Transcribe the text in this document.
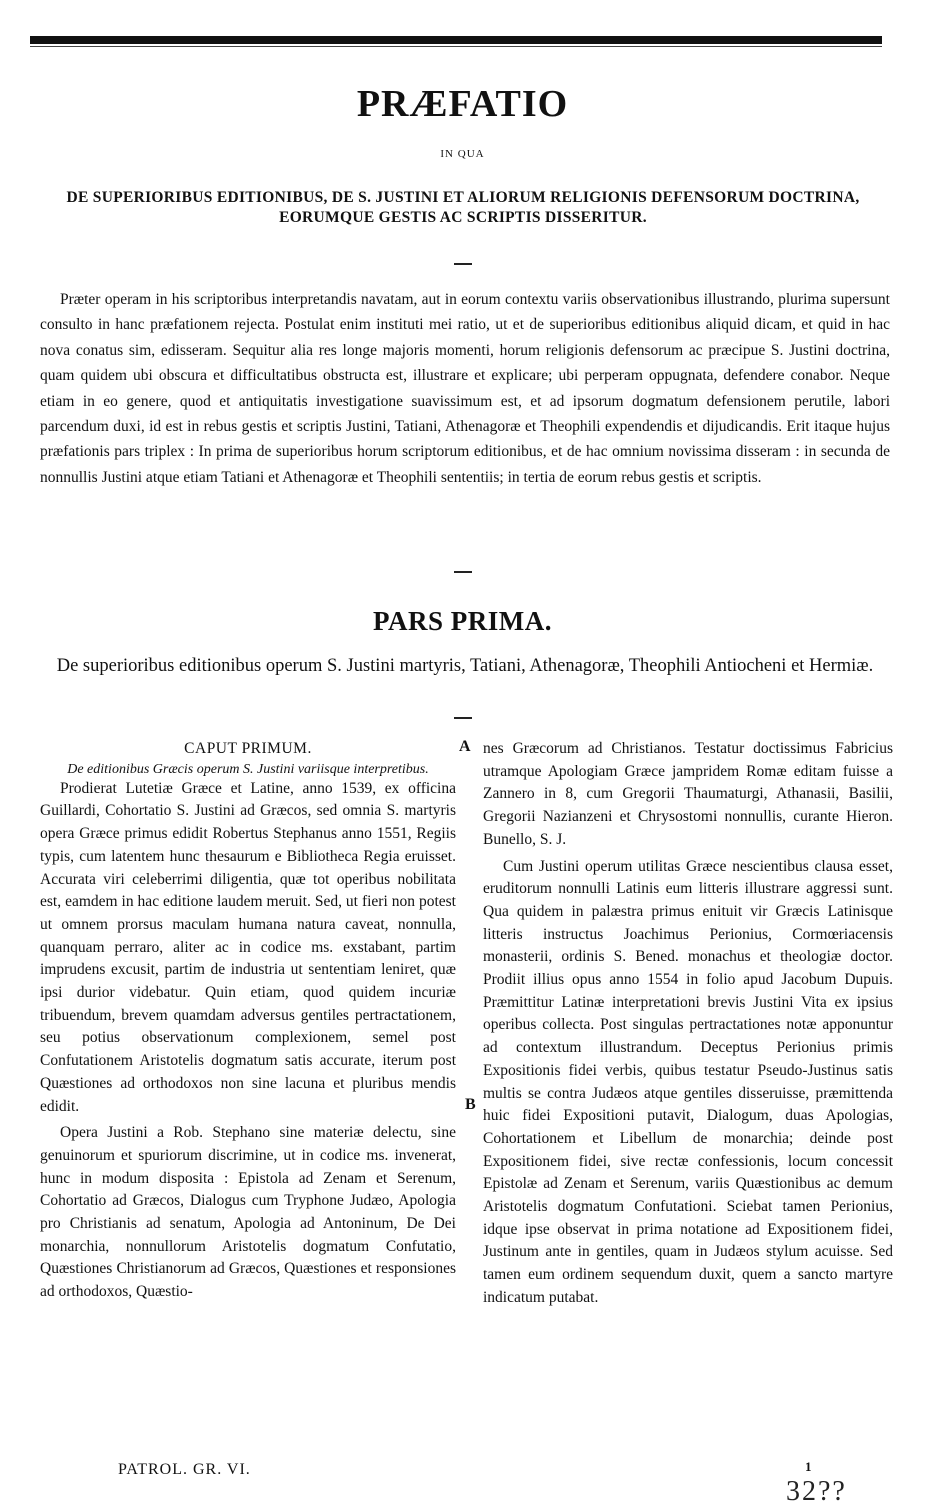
PRÆFATIO
IN QUA
DE SUPERIORIBUS EDITIONIBUS, DE S. JUSTINI ET ALIORUM RELIGIONIS DEFENSORUM DOCTRINA, EORUMQUE GESTIS AC SCRIPTIS DISSERITUR.
Præter operam in his scriptoribus interpretandis navatam, aut in eorum contextu variis observationibus illustrando, plurima supersunt consulto in hanc præfationem rejecta. Postulat enim instituti mei ratio, ut et de superioribus editionibus aliquid dicam, et quid in hac nova conatus sim, edisseram. Sequitur alia res longe majoris momenti, horum religionis defensorum ac præcipue S. Justini doctrina, quam quidem ubi obscura et difficultatibus obstructa est, illustrare et explicare; ubi perperam oppugnata, defendere conabor. Neque etiam in eo genere, quod et antiquitatis investigatione suavissimum est, et ad ipsorum dogmatum defensionem perutile, labori parcendum duxi, id est in rebus gestis et scriptis Justini, Tatiani, Athenagoræ et Theophili expendendis et dijudicandis. Erit itaque hujus præfationis pars triplex : In prima de superioribus horum scriptorum editionibus, et de hac omnium novissima disseram : in secunda de nonnullis Justini atque etiam Tatiani et Athenagoræ et Theophili sententiis; in tertia de eorum rebus gestis et scriptis.
PARS PRIMA.
De superioribus editionibus operum S. Justini martyris, Tatiani, Athenagoræ, Theophili Antiocheni et Hermiæ.

CAPUT PRIMUM.

De editionibus Græcis operum S. Justini variisque interpretibus.

Prodierat Lutetiæ Græce et Latine, anno 1539, ex officina Guillardi, Cohortatio S. Justini ad Græcos, sed omnia S. martyris opera Græce primus edidit Robertus Stephanus anno 1551, Regiis typis, cum latentem hunc thesaurum e Bibliotheca Regia eruisset. Accurata viri celeberrimi diligentia, quæ tot operibus nobilitata est, eamdem in hac editione laudem meruit. Sed, ut fieri non potest ut omnem prorsus maculam humana natura caveat, nonnulla, quanquam perraro, aliter ac in codice ms. exstabant, partim imprudens excusit, partim de industria ut sententiam leniret, quæ ipsi durior videbatur. Quin etiam, quod quidem incuriæ tribuendum, brevem quamdam adversus gentiles pertractationem, seu potius observationum complexionem, semel post Confutationem Aristotelis dogmatum satis accurate, iterum post Quæstiones ad orthodoxos non sine lacuna et pluribus mendis edidit.

Opera Justini a Rob. Stephano sine materiæ delectu, sine genuinorum et spuriorum discrimine, ut in codice ms. invenerat, hunc in modum disposita : Epistola ad Zenam et Serenum, Cohortatio ad Græcos, Dialogus cum Tryphone Judæo, Apologia pro Christianis ad senatum, Apologia ad Antoninum, De Dei monarchia, nonnullorum Aristotelis dogmatum Confutatio, Quæstiones Christianorum ad Græcos, Quæstiones et responsiones ad orthodoxos, Quæstio-

A
B

nes Græcorum ad Christianos. Testatur doctissimus Fabricius utramque Apologiam Græce jampridem Romæ editam fuisse a Zannero in 8, cum Gregorii Thaumaturgi, Athanasii, Basilii, Gregorii Nazianzeni et Chrysostomi nonnullis, curante Hieron. Bunello, S. J.

Cum Justini operum utilitas Græce nescientibus clausa esset, eruditorum nonnulli Latinis eum litteris illustrare aggressi sunt. Qua quidem in palæstra primus enituit vir Græcis Latinisque litteris instructus Joachimus Perionius, Cormœriacensis monasterii, ordinis S. Bened. monachus et theologiæ doctor. Prodiit illius opus anno 1554 in folio apud Jacobum Dupuis. Præmittitur Latinæ interpretationi brevis Justini Vita ex ipsius operibus collecta. Post singulas pertractationes notæ apponuntur ad contextum illustrandum. Deceptus Perionius primis Expositionis fidei verbis, quibus testatur Pseudo-Justinus satis multis se contra Judæos atque gentiles disseruisse, præmittenda huic fidei Expositioni putavit, Dialogum, duas Apologias, Cohortationem et Libellum de monarchia; deinde post Expositionem fidei, sive rectæ confessionis, locum concessit Epistolæ ad Zenam et Serenum, variis Quæstionibus ac demum Aristotelis dogmatum Confutationi. Sciebat tamen Perionius, idque ipse observat in prima notatione ad Expositionem fidei, Justinum ante in gentiles, quam in Judæos stylum acuisse. Sed tamen eum ordinem sequendum duxit, quem a sancto martyre indicatum putabat.

PATROL. GR. VI.	1
32??
